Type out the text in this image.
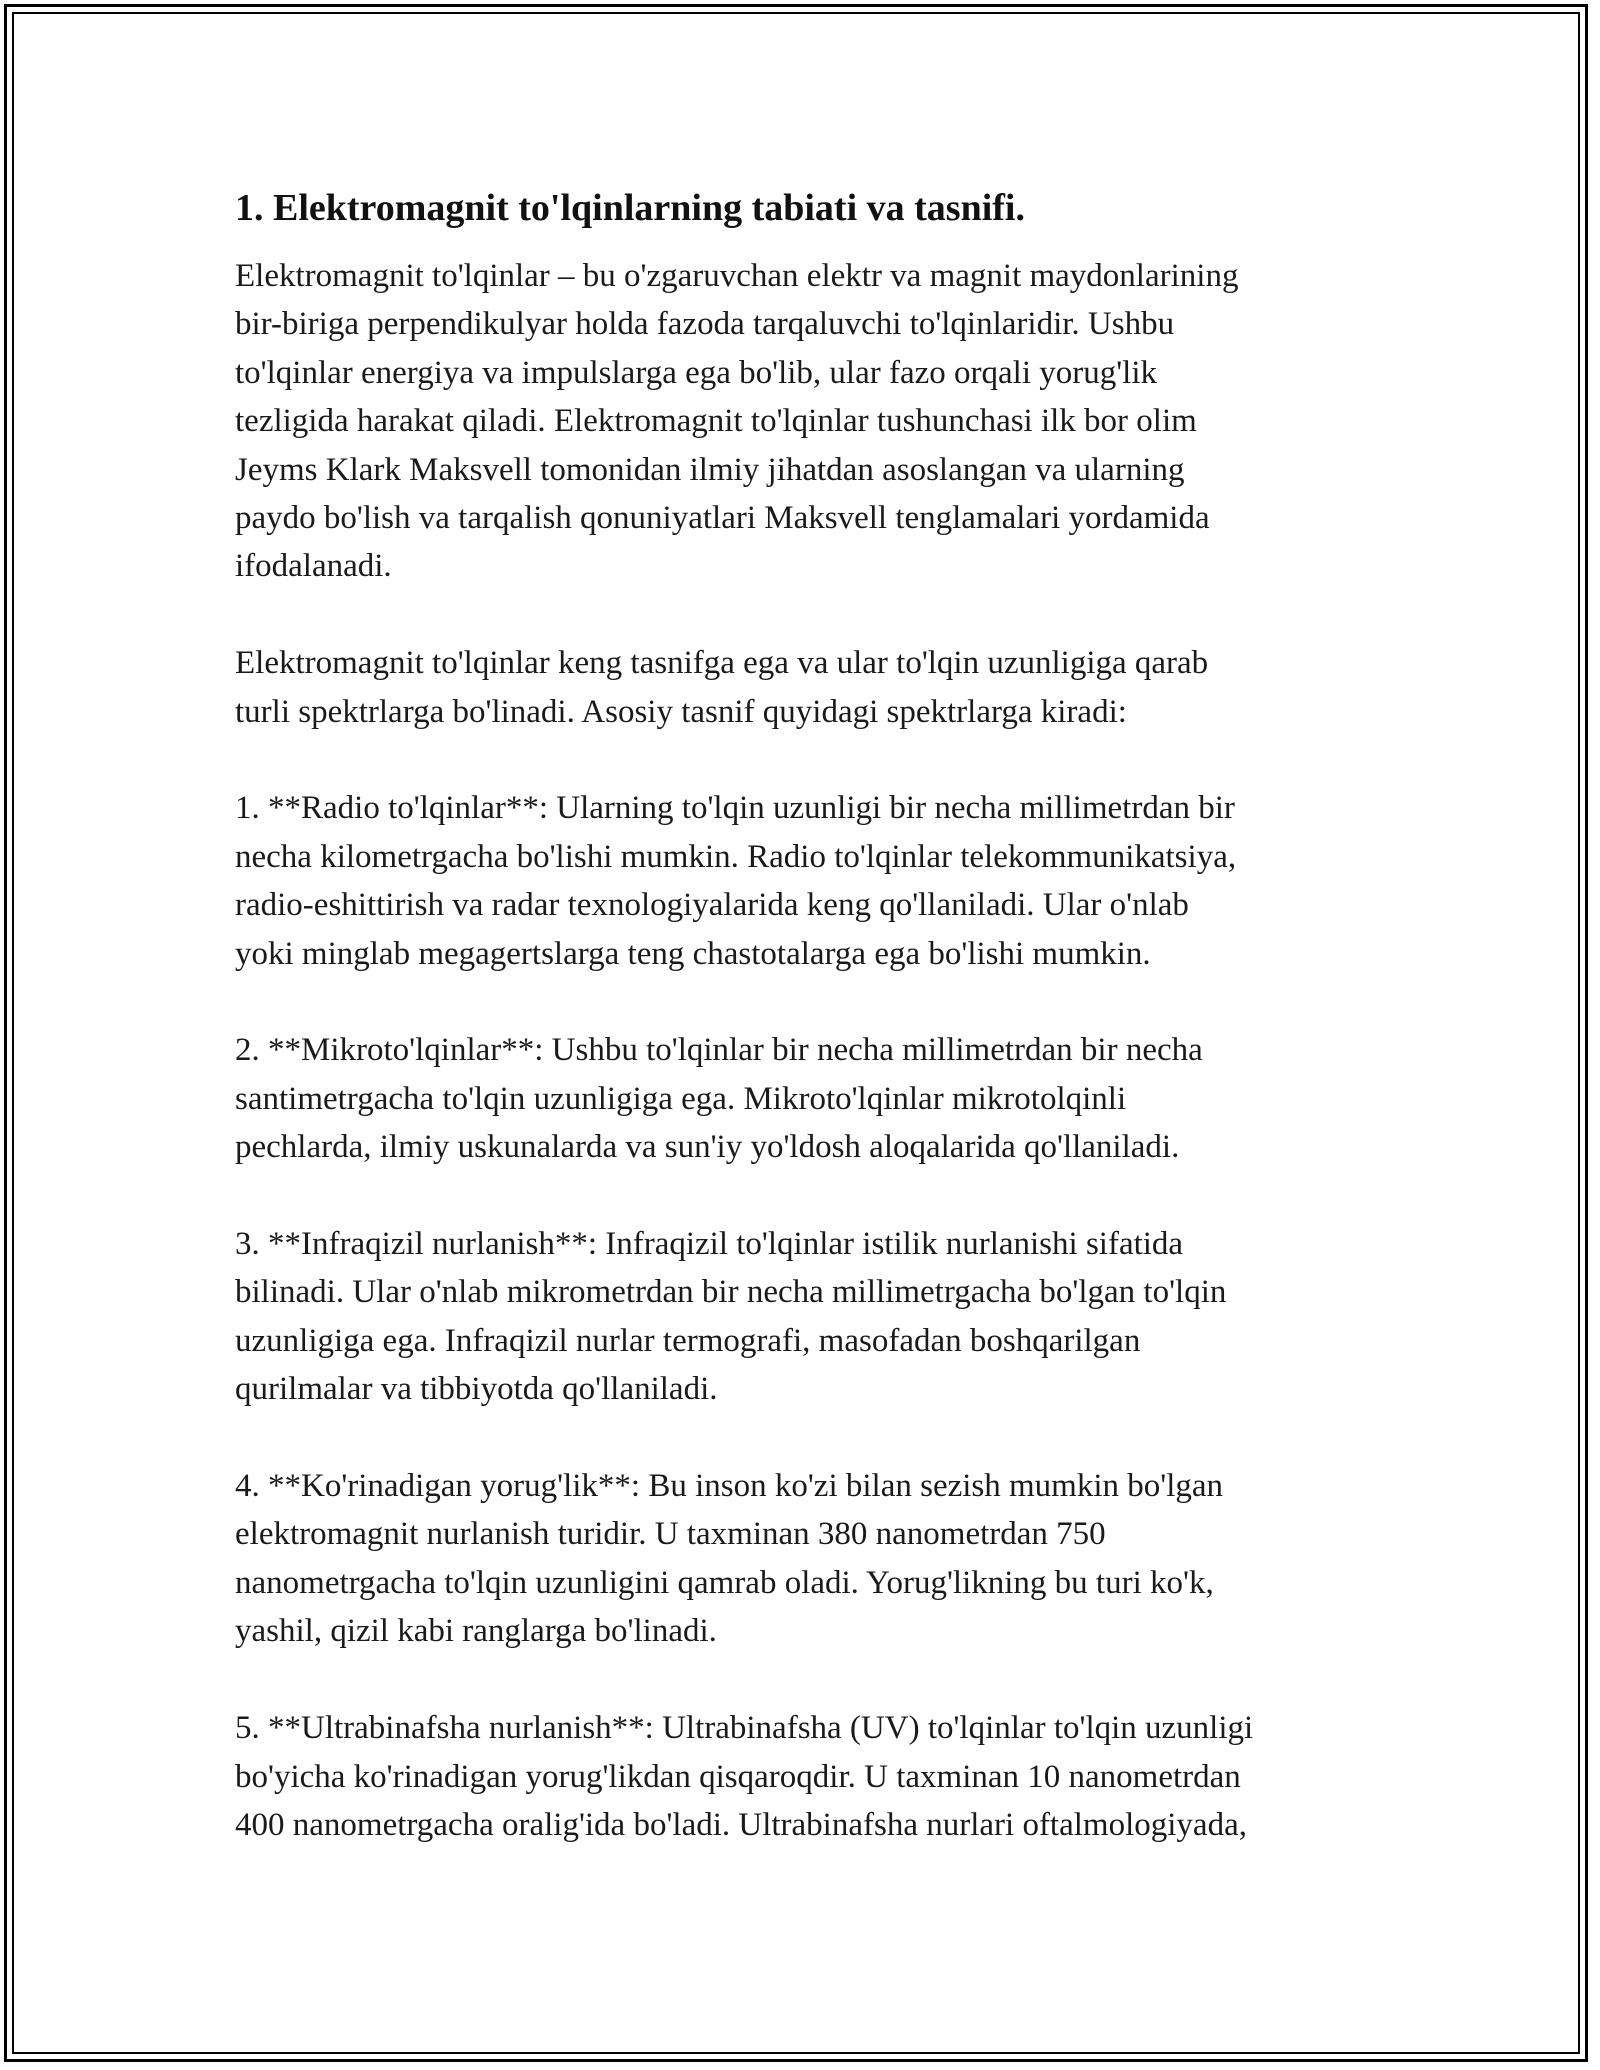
1. Elektromagnit to'lqinlarning tabiati va tasnifi.
Elektromagnit to'lqinlar – bu o'zgaruvchan elektr va magnit maydonlarining
bir-biriga perpendikulyar holda fazoda tarqaluvchi to'lqinlaridir. Ushbu
to'lqinlar energiya va impulslarga ega bo'lib, ular fazo orqali yorug'lik
tezligida harakat qiladi. Elektromagnit to'lqinlar tushunchasi ilk bor olim
Jeyms Klark Maksvell tomonidan ilmiy jihatdan asoslangan va ularning
paydo bo'lish va tarqalish qonuniyatlari Maksvell tenglamalari yordamida
ifodalanadi.
Elektromagnit to'lqinlar keng tasnifga ega va ular to'lqin uzunligiga qarab
turli spektrlarga bo'linadi. Asosiy tasnif quyidagi spektrlarga kiradi:
1. **Radio to'lqinlar**: Ularning to'lqin uzunligi bir necha millimetrdan bir
necha kilometrgacha bo'lishi mumkin. Radio to'lqinlar telekommunikatsiya,
radio-eshittirish va radar texnologiyalarida keng qo'llaniladi. Ular o'nlab
yoki minglab megagertslarga teng chastotalarga ega bo'lishi mumkin.
2. **Mikroto'lqinlar**: Ushbu to'lqinlar bir necha millimetrdan bir necha
santimetrgacha to'lqin uzunligiga ega. Mikroto'lqinlar mikrotolqinli
pechlarda, ilmiy uskunalarda va sun'iy yo'ldosh aloqalarida qo'llaniladi.
3. **Infraqizil nurlanish**: Infraqizil to'lqinlar istilik nurlanishi sifatida
bilinadi. Ular o'nlab mikrometrdan bir necha millimetrgacha bo'lgan to'lqin
uzunligiga ega. Infraqizil nurlar termografi, masofadan boshqarilgan
qurilmalar va tibbiyotda qo'llaniladi.
4. **Ko'rinadigan yorug'lik**: Bu inson ko'zi bilan sezish mumkin bo'lgan
elektromagnit nurlanish turidir. U taxminan 380 nanometrdan 750
nanometrgacha to'lqin uzunligini qamrab oladi. Yorug'likning bu turi ko'k,
yashil, qizil kabi ranglarga bo'linadi.
5. **Ultrabinafsha nurlanish**: Ultrabinafsha (UV) to'lqinlar to'lqin uzunligi
bo'yicha ko'rinadigan yorug'likdan qisqaroqdir. U taxminan 10 nanometrdan
400 nanometrgacha oralig'ida bo'ladi. Ultrabinafsha nurlari oftalmologiyada,
